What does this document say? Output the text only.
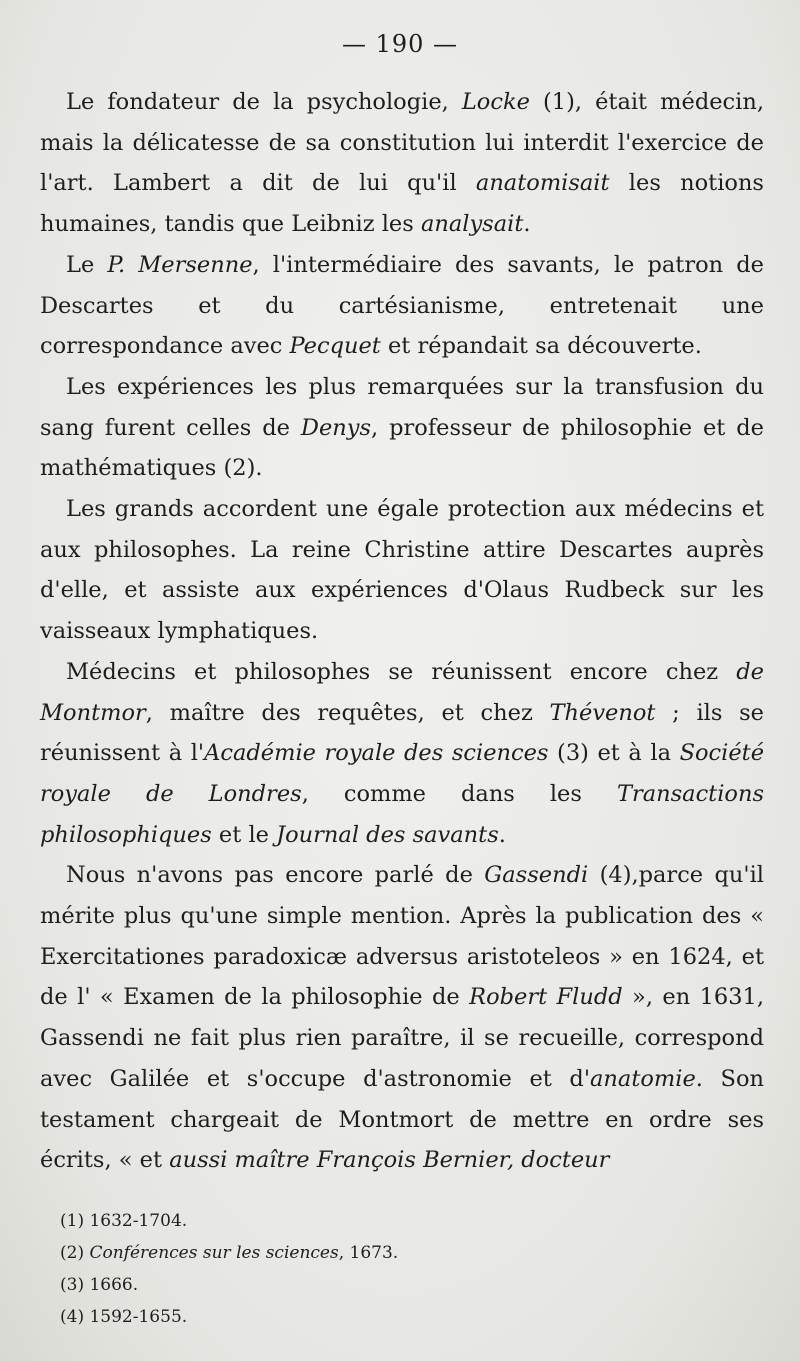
— 190 —

Le fondateur de la psychologie, Locke (1), était médecin, mais la délicatesse de sa constitution lui interdit l'exercice de l'art. Lambert a dit de lui qu'il anatomisait les notions humaines, tandis que Leibniz les analysait.

Le P. Mersenne, l'intermédiaire des savants, le patron de Descartes et du cartésianisme, entretenait une correspondance avec Pecquet et répandait sa découverte.

Les expériences les plus remarquées sur la transfusion du sang furent celles de Denys, professeur de philosophie et de mathématiques (2).

Les grands accordent une égale protection aux médecins et aux philosophes. La reine Christine attire Descartes auprès d'elle, et assiste aux expériences d'Olaus Rudbeck sur les vaisseaux lymphatiques.

Médecins et philosophes se réunissent encore chez de Montmor, maître des requêtes, et chez Thévenot ; ils se réunissent à l'Académie royale des sciences (3) et à la Société royale de Londres, comme dans les Transactions philosophiques et le Journal des savants.

Nous n'avons pas encore parlé de Gassendi (4),parce qu'il mérite plus qu'une simple mention. Après la publication des « Exercitationes paradoxicæ adversus aristoteleos » en 1624, et de l' « Examen de la philosophie de Robert Fludd », en 1631, Gassendi ne fait plus rien paraître, il se recueille, correspond avec Galilée et s'occupe d'astronomie et d'anatomie. Son testament chargeait de Montmort de mettre en ordre ses écrits, « et aussi maître François Bernier, docteur

(1) 1632-1704.

(2) Conférences sur les sciences, 1673.

(3) 1666.

(4) 1592-1655.
